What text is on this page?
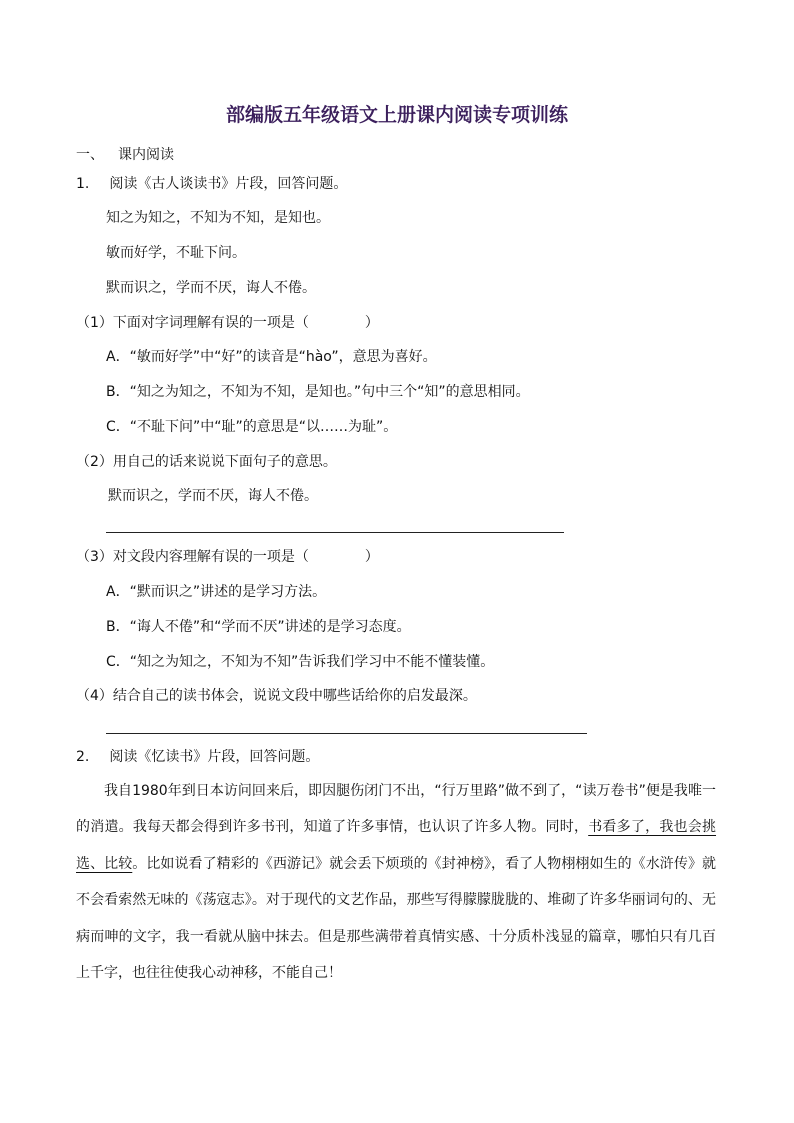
部编版五年级语文上册课内阅读专项训练
一、 课内阅读
1. 阅读《古人谈读书》片段，回答问题。
知之为知之，不知为不知，是知也。
敏而好学，不耻下问。
默而识之，学而不厌，诲人不倦。
（1）下面对字词理解有误的一项是（　　　　）
A．“敏而好学”中“好”的读音是“hào”，意思为喜好。
B．“知之为知之，不知为不知，是知也。”句中三个“知”的意思相同。
C．“不耻下问”中“耻”的意思是“以……为耻”。
（2）用自己的话来说说下面句子的意思。
默而识之，学而不厌，诲人不倦。
（3）对文段内容理解有误的一项是（　　　　）
A．“默而识之”讲述的是学习方法。
B．“诲人不倦”和“学而不厌”讲述的是学习态度。
C．“知之为知之，不知为不知”告诉我们学习中不能不懂装懂。
（4）结合自己的读书体会，说说文段中哪些话给你的启发最深。
2. 阅读《忆读书》片段，回答问题。
我自1980年到日本访问回来后，即因腿伤闭门不出，“行万里路”做不到了，“读万卷书”便是我唯一的消遣。我每天都会得到许多书刊，知道了许多事情，也认识了许多人物。同时，书看多了，我也会挑选、比较。比如说看了精彩的《西游记》就会丢下烦琐的《封神榜》，看了人物栩栩如生的《水浒传》就不会看索然无味的《荡寇志》。对于现代的文艺作品，那些写得朦朦胧胧的、堆砌了许多华丽词句的、无病而呻的文字，我一看就从脑中抹去。但是那些满带着真情实感、十分质朴浅显的篇章，哪怕只有几百上千字，也往往使我心动神移，不能自己！
